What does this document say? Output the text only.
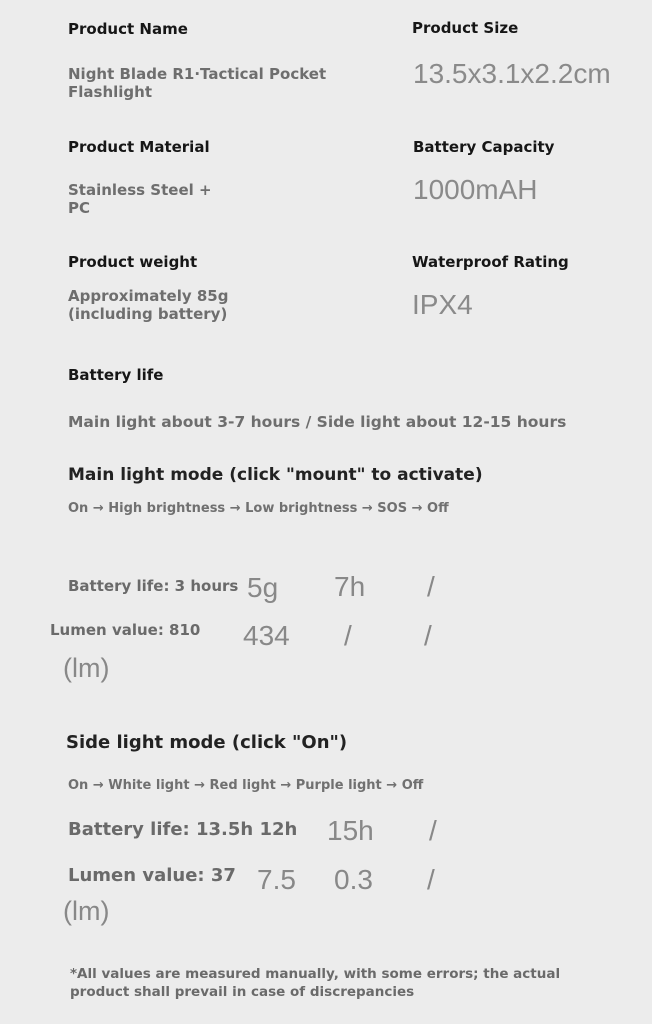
Product Name
Night Blade R1·Tactical Pocket
Flashlight
Product Size
13.5x3.1x2.2cm
Product Material
Stainless Steel +
PC
Battery Capacity
1000mAH
Product weight
Approximately 85g
(including battery)
Waterproof Rating
IPX4
Battery life
Main light about 3-7 hours / Side light about 12-15 hours
Main light mode (click "mount" to activate)
On → High brightness → Low brightness → SOS → Off
Battery life: 3 hours 5g 7h /
Lumen value: 810 434 /	/
(lm)
Side light mode (click "On")
On → White light → Red light → Purple light → Off
Battery life: 13.5h 12h 15h /
Lumen value: 37 7.5 0.3 /
(lm)
*All values are measured manually, with some errors; the actual product shall prevail in case of discrepancies
